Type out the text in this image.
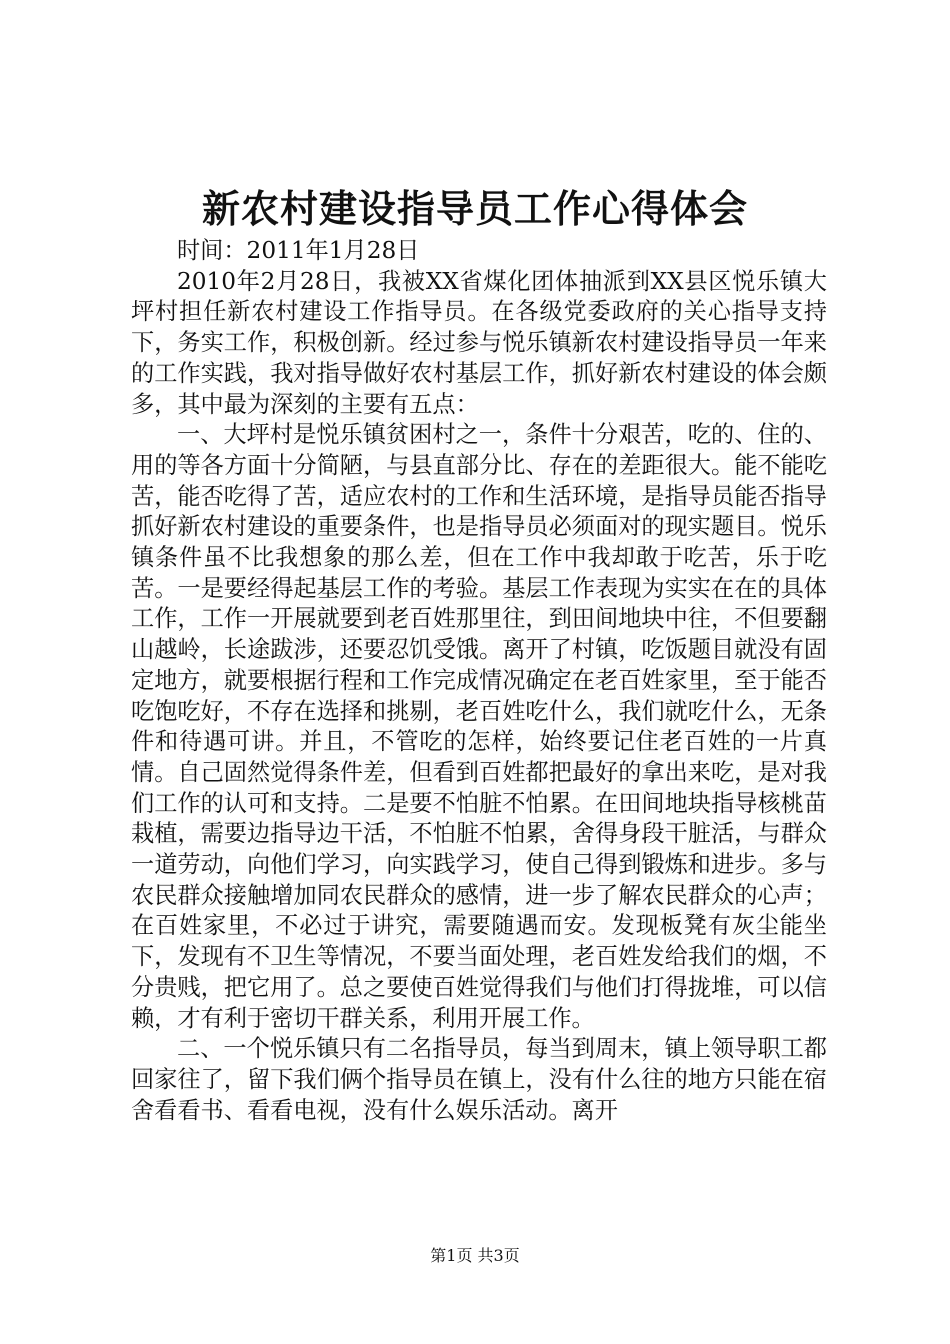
新农村建设指导员工作心得体会

时间：2011年1月28日

2010年2月28日，我被XX省煤化团体抽派到XX县区悦乐镇大坪村担任新农村建设工作指导员。在各级党委政府的关心指导支持下，务实工作，积极创新。经过参与悦乐镇新农村建设指导员一年来的工作实践，我对指导做好农村基层工作，抓好新农村建设的体会颇多，其中最为深刻的主要有五点：

一、大坪村是悦乐镇贫困村之一，条件十分艰苦，吃的、住的、用的等各方面十分简陋，与县直部分比、存在的差距很大。能不能吃苦，能否吃得了苦，适应农村的工作和生活环境，是指导员能否指导抓好新农村建设的重要条件，也是指导员必须面对的现实题目。悦乐镇条件虽不比我想象的那么差，但在工作中我却敢于吃苦，乐于吃苦。一是要经得起基层工作的考验。基层工作表现为实实在在的具体工作，工作一开展就要到老百姓那里往，到田间地块中往，不但要翻山越岭，长途跋涉，还要忍饥受饿。离开了村镇，吃饭题目就没有固定地方，就要根据行程和工作完成情况确定在老百姓家里，至于能否吃饱吃好，不存在选择和挑剔，老百姓吃什么，我们就吃什么，无条件和待遇可讲。并且，不管吃的怎样，始终要记住老百姓的一片真情。自己固然觉得条件差，但看到百姓都把最好的拿出来吃，是对我们工作的认可和支持。二是要不怕脏不怕累。在田间地块指导核桃苗栽植，需要边指导边干活，不怕脏不怕累，舍得身段干脏活，与群众一道劳动，向他们学习，向实践学习，使自己得到锻炼和进步。多与农民群众接触增加同农民群众的感情，进一步了解农民群众的心声；在百姓家里，不必过于讲究，需要随遇而安。发现板凳有灰尘能坐下，发现有不卫生等情况，不要当面处理，老百姓发给我们的烟，不分贵贱，把它用了。总之要使百姓觉得我们与他们打得拢堆，可以信赖，才有利于密切干群关系，利用开展工作。

二、一个悦乐镇只有二名指导员，每当到周末，镇上领导职工都回家往了，留下我们俩个指导员在镇上，没有什么往的地方只能在宿舍看看书、看看电视，没有什么娱乐活动。离开

第1页 共3页
